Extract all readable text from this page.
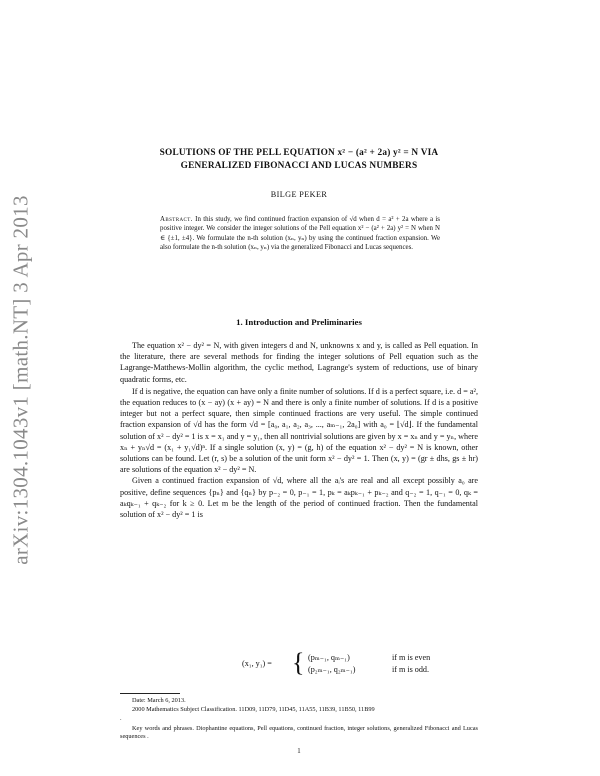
arXiv:1304.1043v1 [math.NT] 3 Apr 2013
SOLUTIONS OF THE PELL EQUATION x² − (a² + 2a) y² = N VIA
GENERALIZED FIBONACCI AND LUCAS NUMBERS
BILGE PEKER
Abstract. In this study, we find continued fraction expansion of √d when d = a² + 2a where a is positive integer. We consider the integer solutions of the Pell equation x² − (a² + 2a) y² = N when N ∈ {±1, ±4}. We formulate the n-th solution (xₙ, yₙ) by using the continued fraction expansion. We also formulate the n-th solution (xₙ, yₙ) via the generalized Fibonacci and Lucas sequences.
1. Introduction and Preliminaries

The equation x² − dy² = N, with given integers d and N, unknowns x and y, is called as Pell equation. In the literature, there are several methods for finding the integer solutions of Pell equation such as the Lagrange-Matthews-Mollin algorithm, the cyclic method, Lagrange's system of reductions, use of binary quadratic forms, etc.

If d is negative, the equation can have only a finite number of solutions. If d is a perfect square, i.e. d = a², the equation reduces to (x − ay) (x + ay) = N and there is only a finite number of solutions. If d is a positive integer but not a perfect square, then simple continued fractions are very useful. The simple continued fraction expansion of √d has the form √d = [a₀, a₁, a₂, a₃, ..., aₘ₋₁, 2a₀] with a₀ = ⌊√d⌋. If the fundamental solution of x² − dy² = 1 is x = x₁ and y = y₁, then all nontrivial solutions are given by x = xₙ and y = yₙ, where xₙ + yₙ√d = (x₁ + y₁√d)ⁿ. If a single solution (x, y) = (g, h) of the equation x² − dy² = N is known, other solutions can be found. Let (r, s) be a solution of the unit form x² − dy² = 1. Then (x, y) = (gr ± dhs, gs ± hr) are solutions of the equation x² − dy² = N.

Given a continued fraction expansion of √d, where all the aᵢ's are real and all except possibly a₀ are positive, define sequences {pₙ} and {qₙ} by p₋₂ = 0, p₋₁ = 1, pₖ = aₖpₖ₋₁ + pₖ₋₂ and q₋₂ = 1, q₋₁ = 0, qₖ = aₖqₖ₋₁ + qₖ₋₂ for k ≥ 0. Let m be the length of the period of continued fraction. Then the fundamental solution of x² − dy² = 1 is

(x₁, y₁) = { (pₘ₋₁, qₘ₋₁)	if m is even
(p₂ₘ₋₁, q₂ₘ₋₁)	if m is odd.

Date: March 6, 2013.

2000 Mathematics Subject Classification. 11D09, 11D79, 11D45, 11A55, 11B39, 11B50, 11B99

.

Key words and phrases. Diophantine equations, Pell equations, continued fraction, integer solutions, generalized Fibonacci and Lucas sequences .

1
